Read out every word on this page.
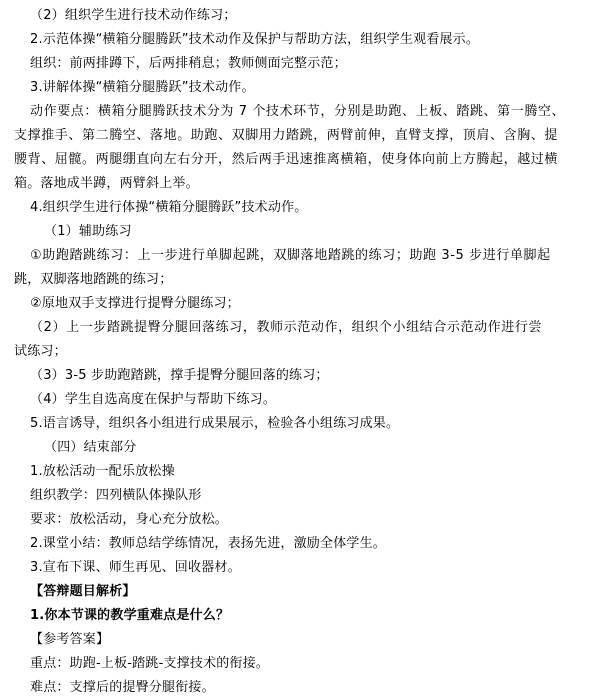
（2）组织学生进行技术动作练习；
2.示范体操“横箱分腿腾跃”技术动作及保护与帮助方法，组织学生观看展示。
组织：前两排蹲下，后两排稍息；教师侧面完整示范；
3.讲解体操“横箱分腿腾跃”技术动作。
动作要点：横箱分腿腾跃技术分为 7 个技术环节，分别是助跑、上板、踏跳、第一腾空、
支撑推手、第二腾空、落地。助跑、双脚用力踏跳，两臂前伸，直臂支撑，顶肩、含胸、提
腰背、屈髋。两腿绷直向左右分开，然后两手迅速推离横箱，使身体向前上方腾起，越过横
箱。落地成半蹲，两臂斜上举。
4.组织学生进行体操“横箱分腿腾跃”技术动作。
（1）辅助练习
①助跑踏跳练习：上一步进行单脚起跳，双脚落地踏跳的练习；助跑 3-5 步进行单脚起
跳，双脚落地踏跳的练习；
②原地双手支撑进行提臀分腿练习；
（2）上一步踏跳提臀分腿回落练习，教师示范动作，组织个小组结合示范动作进行尝
试练习；
（3）3-5 步助跑踏跳，撑手提臀分腿回落的练习；
（4）学生自选高度在保护与帮助下练习。
5.语言诱导，组织各小组进行成果展示，检验各小组练习成果。
（四）结束部分
1.放松活动一配乐放松操
组织教学：四列横队体操队形
要求：放松活动，身心充分放松。
2.课堂小结：教师总结学练情况，表扬先进，激励全体学生。
3.宣布下课、师生再见、回收器材。
【答辩题目解析】
1.你本节课的教学重难点是什么？
【参考答案】
重点：助跑-上板-踏跳-支撑技术的衔接。
难点：支撑后的提臀分腿衔接。
